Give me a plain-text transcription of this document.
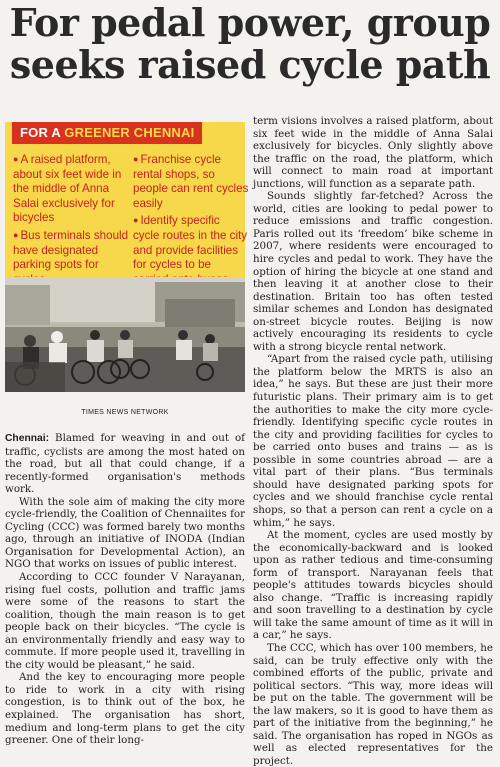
For pedal power, group seeks raised cycle path
FOR A GREENER CHENNAI
● A raised platform, about six feet wide in the middle of Anna Salai exclusively for bicycles
● Bus terminals should have designated parking spots for
● Franchise cycle rental shops, so people can rent cycles easily
● Identify specific cycle routes in the city and provide facilities for cycles to be
TIMES NEWS NETWORK

Chennai: Blamed for weaving in and out of traffic, cyclists are among the most hated on the road, but all that could change, if a recently-formed organisation's methods work.

With the sole aim of making the city more cycle-friendly, the Coalition of Chennaiites for Cycling (CCC) was formed barely two months ago, through an initiative of INODA (Indian Organisation for Developmental Action), an NGO that works on issues of public interest.

According to CCC founder V Narayanan, rising fuel costs, pollution and traffic jams were some of the reasons to start the coalition, though the main reason is to get people back on their bicycles. “The cycle is an environmentally friendly and easy way to commute. If more people used it, travelling in the city would be pleasant,” he said.

And the key to encouraging more people to ride to work in a city with rising congestion, is to think out of the box, he explained. The organisation has short, medium and long-term plans to get the city greener. One of their long-

term visions involves a raised platform, about six feet wide in the middle of Anna Salai exclusively for bicycles. Only slightly above the traffic on the road, the platform, which will connect to main road at important junctions, will function as a separate path.

Sounds slightly far-fetched? Across the world, cities are looking to pedal power to reduce emissions and traffic congestion. Paris rolled out its ‘freedom’ bike scheme in 2007, where residents were encouraged to hire cycles and pedal to work. They have the option of hiring the bicycle at one stand and then leaving it at another close to their destination. Britain too has often tested similar schemes and London has designated on-street bicycle routes. Beijing is now actively encouraging its residents to cycle with a strong bicycle rental network.

“Apart from the raised cycle path, utilising the platform below the MRTS is also an idea,” he says. But these are just their more futuristic plans. Their primary aim is to get the authorities to make the city more cycle-friendly. Identifying specific cycle routes in the city and providing facilities for cycles to be carried onto buses and trains — as is possible in some countries abroad — are a vital part of their plans. “Bus terminals should have designated parking spots for cycles and we should franchise cycle rental shops, so that a person can rent a cycle on a whim,” he says.

At the moment, cycles are used mostly by the economically-backward and is looked upon as rather tedious and time-consuming form of transport. Narayanan feels that people's attitudes towards bicycles should also change. “Traffic is increasing rapidly and soon travelling to a destination by cycle will take the same amount of time as it will in a car,” he says.

The CCC, which has over 100 members, he said, can be truly effective only with the combined efforts of the public, private and political sectors. “This way, more ideas will be put on the table. The government will be the law makers, so it is good to have them as part of the initiative from the beginning,” he said. The organisation has roped in NGOs as well as elected representatives for the project.
